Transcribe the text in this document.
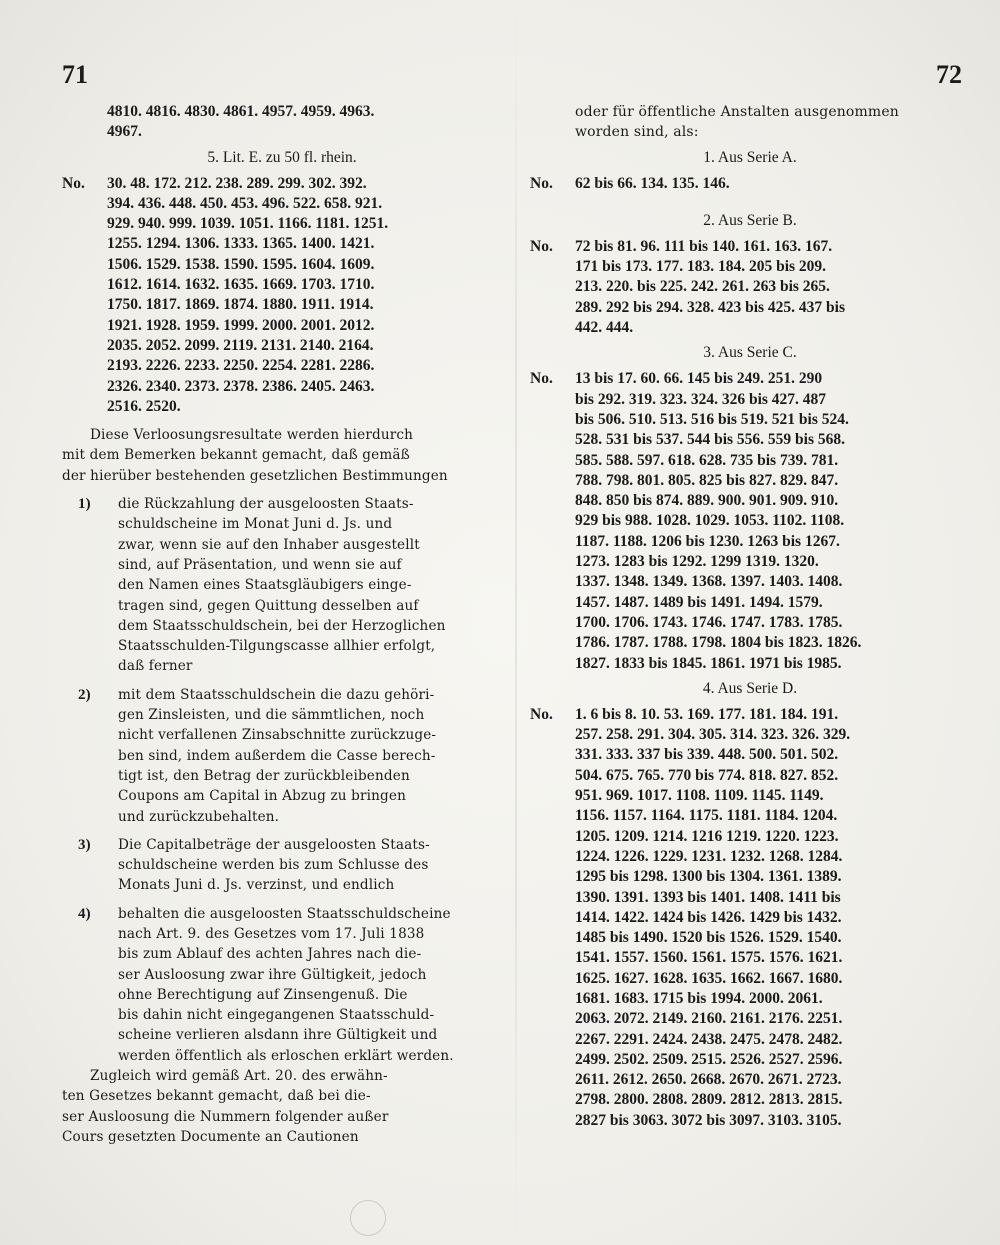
71	72
4810. 4816. 4830. 4861. 4957. 4959. 4963.
4967.
5. Lit. E. zu 50 fl. rhein.
No. 30. 48. 172. 212. 238. 289. 299. 302. 392.
394. 436. 448. 450. 453. 496. 522. 658. 921.
929. 940. 999. 1039. 1051. 1166. 1181. 1251.
1255. 1294. 1306. 1333. 1365. 1400. 1421.
1506. 1529. 1538. 1590. 1595. 1604. 1609.
1612. 1614. 1632. 1635. 1669. 1703. 1710.
1750. 1817. 1869. 1874. 1880. 1911. 1914.
1921. 1928. 1959. 1999. 2000. 2001. 2012.
2035. 2052. 2099. 2119. 2131. 2140. 2164.
2193. 2226. 2233. 2250. 2254. 2281. 2286.
2326. 2340. 2373. 2378. 2386. 2405. 2463.
2516. 2520.
Diese Verloosungsresultate werden hierdurch
mit dem Bemerken bekannt gemacht, daß gemäß
der hierüber bestehenden gesetzlichen Bestimmungen
1) die Rückzahlung der ausgeloosten Staats-
schuldscheine im Monat Juni d. Js. und
zwar, wenn sie auf den Inhaber ausgestellt
sind, auf Präsentation, und wenn sie auf
den Namen eines Staatsgläubigers einge-
tragen sind, gegen Quittung desselben auf
dem Staatsschuldschein, bei der Herzoglichen
Staatsschulden-Tilgungscasse allhier erfolgt,
daß ferner
2) mit dem Staatsschuldschein die dazu gehöri-
gen Zinsleisten, und die sämmtlichen, noch
nicht verfallenen Zinsabschnitte zurückzuge-
ben sind, indem außerdem die Casse berech-
tigt ist, den Betrag der zurückbleibenden
Coupons am Capital in Abzug zu bringen
und zurückzubehalten.
3) Die Capitalbeträge der ausgeloosten Staats-
schuldscheine werden bis zum Schlusse des
Monats Juni d. Js. verzinst, und endlich
4) behalten die ausgeloosten Staatsschuldscheine
nach Art. 9. des Gesetzes vom 17. Juli 1838
bis zum Ablauf des achten Jahres nach die-
ser Ausloosung zwar ihre Gültigkeit, jedoch
ohne Berechtigung auf Zinsengenuß. Die
bis dahin nicht eingegangenen Staatsschuld-
scheine verlieren alsdann ihre Gültigkeit und
werden öffentlich als erloschen erklärt werden.
Zugleich wird gemäß Art. 20. des erwähn-
ten Gesetzes bekannt gemacht, daß bei die-
ser Ausloosung die Nummern folgender außer
Cours gesetzten Documente an Cautionen
oder für öffentliche Anstalten ausgenommen
worden sind, als:
1. Aus Serie A.
No. 62 bis 66. 134. 135. 146.
2. Aus Serie B.
No. 72 bis 81. 96. 111 bis 140. 161. 163. 167.
171 bis 173. 177. 183. 184. 205 bis 209.
213. 220. bis 225. 242. 261. 263 bis 265.
289. 292 bis 294. 328. 423 bis 425. 437 bis
442. 444.
3. Aus Serie C.
No. 13 bis 17. 60. 66. 145 bis 249. 251. 290
bis 292. 319. 323. 324. 326 bis 427. 487
bis 506. 510. 513. 516 bis 519. 521 bis 524.
528. 531 bis 537. 544 bis 556. 559 bis 568.
585. 588. 597. 618. 628. 735 bis 739. 781.
788. 798. 801. 805. 825 bis 827. 829. 847.
848. 850 bis 874. 889. 900. 901. 909. 910.
929 bis 988. 1028. 1029. 1053. 1102. 1108.
1187. 1188. 1206 bis 1230. 1263 bis 1267.
1273. 1283 bis 1292. 1299 1319. 1320.
1337. 1348. 1349. 1368. 1397. 1403. 1408.
1457. 1487. 1489 bis 1491. 1494. 1579.
1700. 1706. 1743. 1746. 1747. 1783. 1785.
1786. 1787. 1788. 1798. 1804 bis 1823. 1826.
1827. 1833 bis 1845. 1861. 1971 bis 1985.
4. Aus Serie D.
No. 1. 6 bis 8. 10. 53. 169. 177. 181. 184. 191.
257. 258. 291. 304. 305. 314. 323. 326. 329.
331. 333. 337 bis 339. 448. 500. 501. 502.
504. 675. 765. 770 bis 774. 818. 827. 852.
951. 969. 1017. 1108. 1109. 1145. 1149.
1156. 1157. 1164. 1175. 1181. 1184. 1204.
1205. 1209. 1214. 1216 1219. 1220. 1223.
1224. 1226. 1229. 1231. 1232. 1268. 1284.
1295 bis 1298. 1300 bis 1304. 1361. 1389.
1390. 1391. 1393 bis 1401. 1408. 1411 bis
1414. 1422. 1424 bis 1426. 1429 bis 1432.
1485 bis 1490. 1520 bis 1526. 1529. 1540.
1541. 1557. 1560. 1561. 1575. 1576. 1621.
1625. 1627. 1628. 1635. 1662. 1667. 1680.
1681. 1683. 1715 bis 1994. 2000. 2061.
2063. 2072. 2149. 2160. 2161. 2176. 2251.
2267. 2291. 2424. 2438. 2475. 2478. 2482.
2499. 2502. 2509. 2515. 2526. 2527. 2596.
2611. 2612. 2650. 2668. 2670. 2671. 2723.
2798. 2800. 2808. 2809. 2812. 2813. 2815.
2827 bis 3063. 3072 bis 3097. 3103. 3105.
